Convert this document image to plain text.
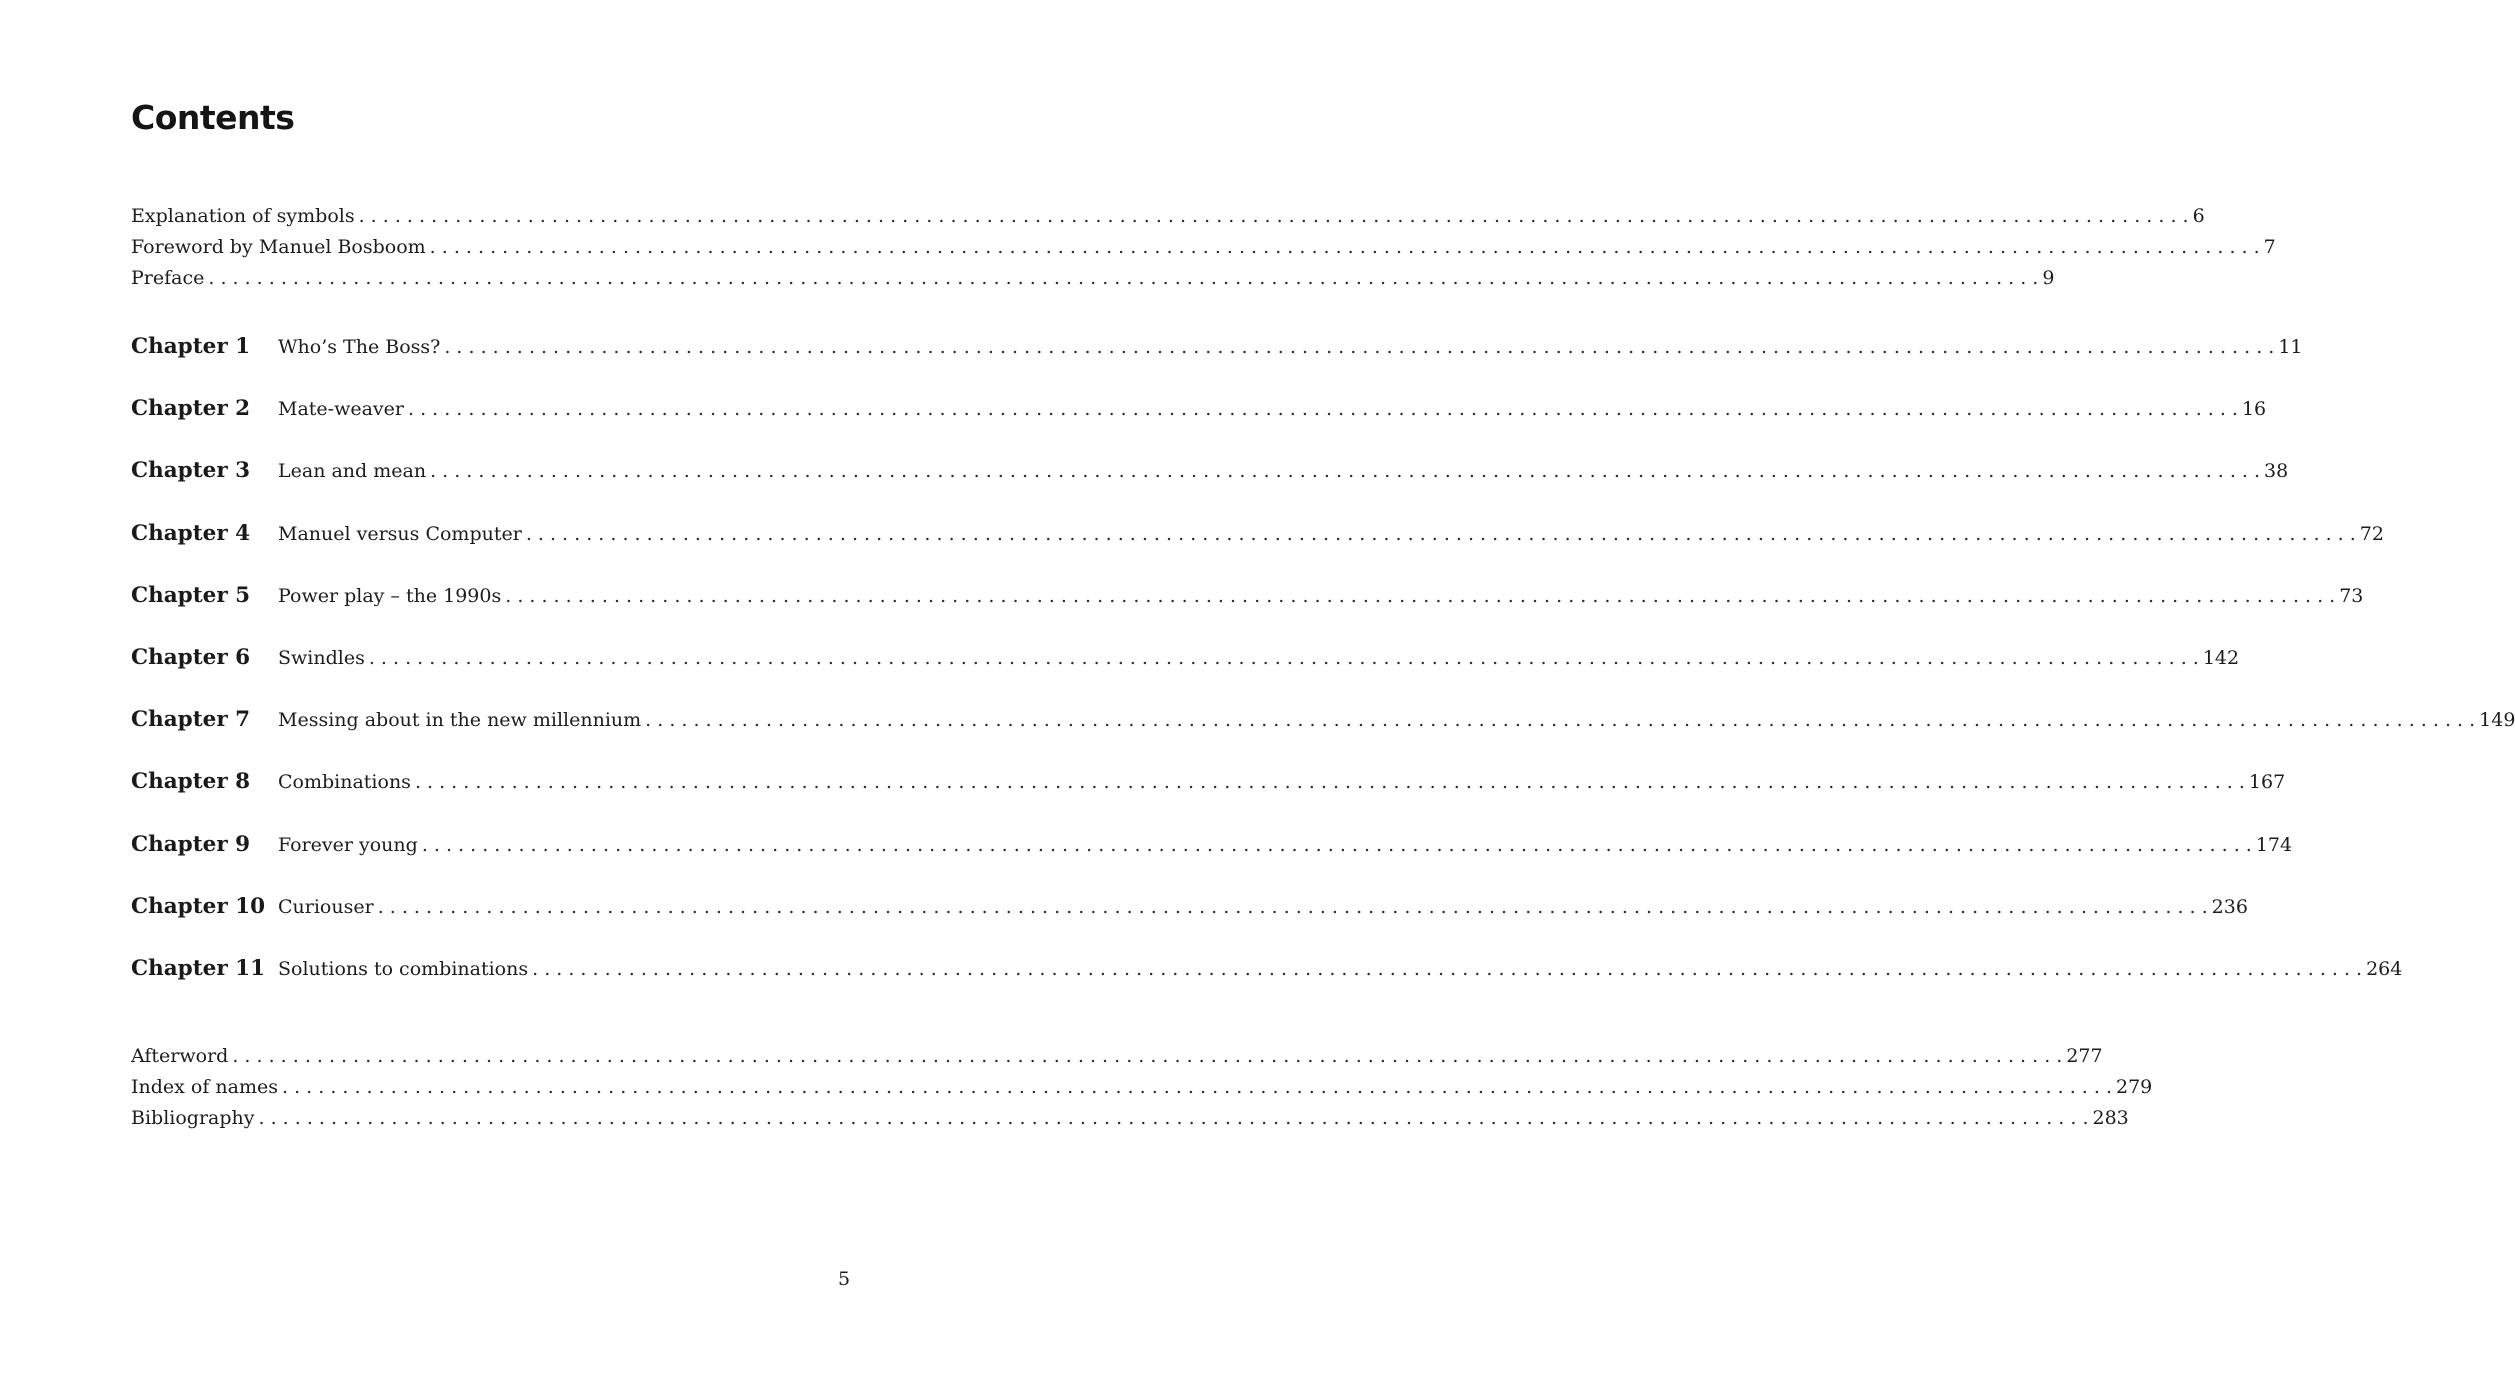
Contents
Explanation of symbols . . .	6
Foreword by Manuel Bosboom . . .	7
Preface . . .	9
Chapter 1	Who’s The Boss? . . .	11
Chapter 2	Mate-weaver . . .	16
Chapter 3	Lean and mean . . .	38
Chapter 4	Manuel versus Computer . . .	72
Chapter 5	Power play – the 1990s . . .	73
Chapter 6	Swindles . . .	142
Chapter 7	Messing about in the new millennium . . .	149
Chapter 8	Combinations . . .	167
Chapter 9	Forever young . . .	174
Chapter 10 Curiouser . . .	236
Chapter 11 Solutions to combinations . . .	264
Afterword . . .	277
Index of names . . .	279
Bibliography . . .	283
5
